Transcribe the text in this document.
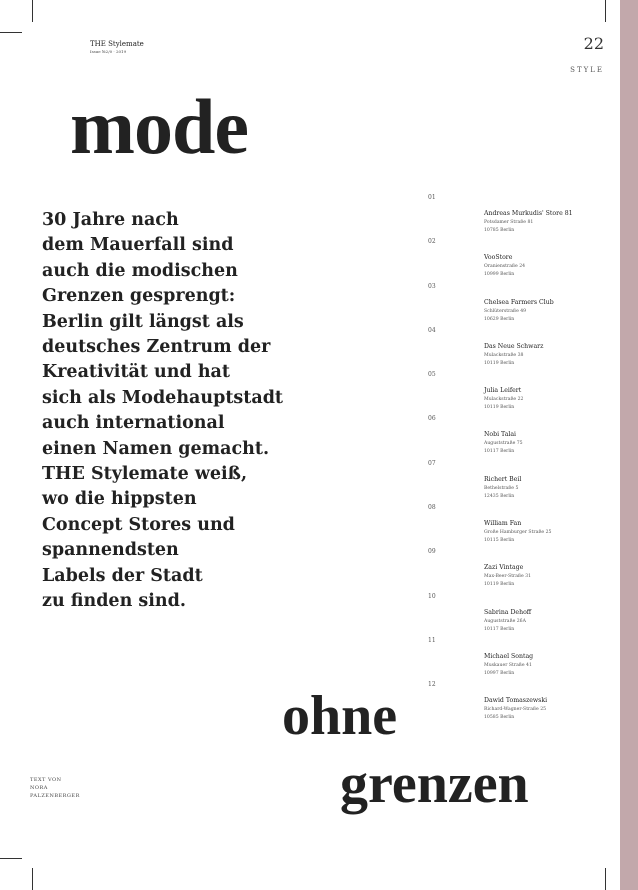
THE Stylemate
Issue №2/0 · 2019	22
STYLE
mode

30 Jahre nach
dem Mauerfall sind
auch die modischen
Grenzen gesprengt:
Berlin gilt längst als
deutsches Zentrum der
Kreativität und hat
sich als Modehauptstadt
auch international
einen Namen gemacht.
THE Stylemate weiß,
wo die hippsten
Concept Stores und
spannendsten
Labels der Stadt
zu finden sind.

01
Andreas Murkudis' Store 81
Potsdamer Straße 81
10785 Berlin
02
VooStore
Oranienstraße 24
10999 Berlin
03
Chelsea Farmers Club
Schlüterstraße 49
10629 Berlin
04
Das Neue Schwarz
Mulackstraße 38
10119 Berlin
05
Julia Leifert
Mulackstraße 22
10119 Berlin
06
Nobi Talai
Auguststraße 75
10117 Berlin
07
Richert Beil
Bethelstraße 5
12435 Berlin
08
William Fan
Große Hamburger Straße 25
10115 Berlin
09
Zazi Vintage
Max-Beer-Straße 31
10119 Berlin
10
Sabrina Dehoff
Auguststraße 26A
10117 Berlin
11
Michael Sontag
Muskauer Straße 41
10997 Berlin
12
Dawid Tomaszewski
Richard-Wagner-Straße 25
10585 Berlin
ohne
grenzen
TEXT VON
NORA
PALZENBERGER
